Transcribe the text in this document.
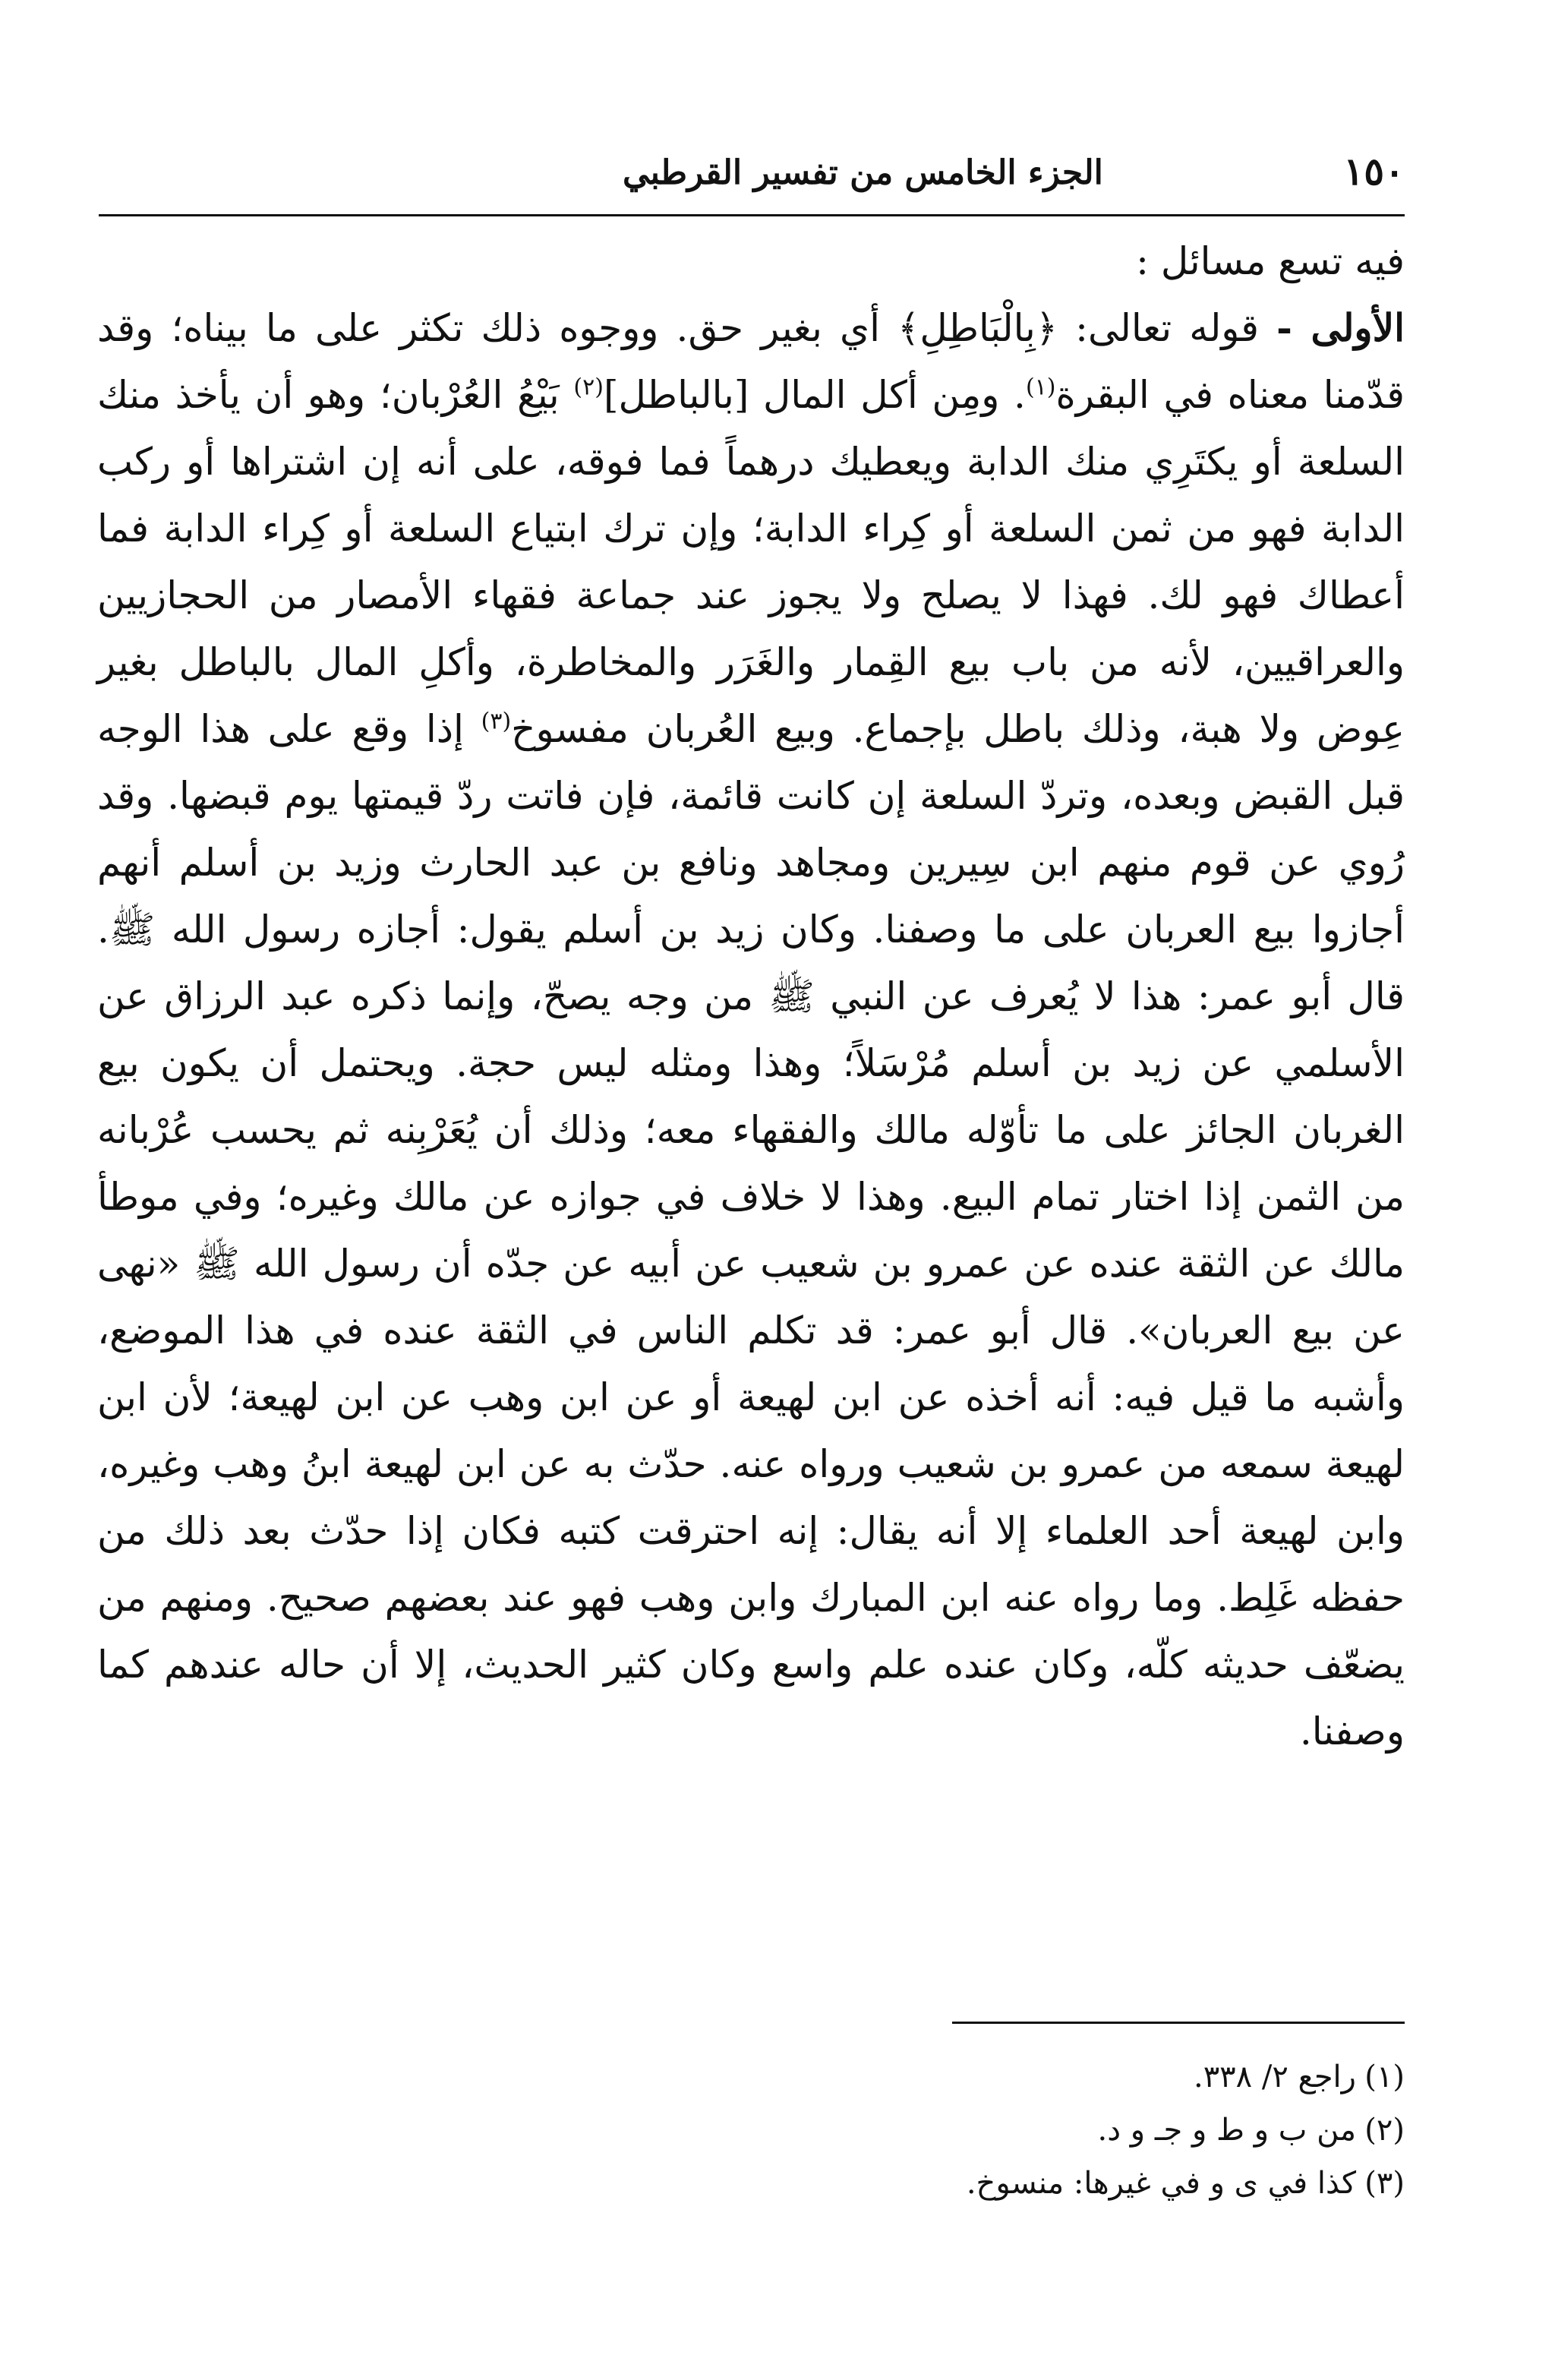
١٥٠
الجزء الخامس من تفسير القرطبي

فيه تسع مسائل :

الأولى - قوله تعالى: ﴿بِالْبَاطِلِ﴾ أي بغير حق. ووجوه ذلك تكثر على ما بيناه؛ وقد قدّمنا معناه في البقرة$^{(١)}$. ومِن أكل المال [بالباطل]$^{(٢)}$ بَيْعُ العُرْبان؛ وهو أن يأخذ منك السلعة أو يكتَرِي منك الدابة ويعطيك درهماً فما فوقه، على أنه إن اشتراها أو ركب الدابة فهو من ثمن السلعة أو كِراء الدابة؛ وإن ترك ابتياع السلعة أو كِراء الدابة فما أعطاك فهو لك. فهذا لا يصلح ولا يجوز عند جماعة فقهاء الأمصار من الحجازيين والعراقيين، لأنه من باب بيع القِمار والغَرَر والمخاطرة، وأكلِ المال بالباطل بغير عِوض ولا هبة، وذلك باطل بإجماع. وبيع العُربان مفسوخ$^{(٣)}$ إذا وقع على هذا الوجه قبل القبض وبعده، وتردّ السلعة إن كانت قائمة، فإن فاتت ردّ قيمتها يوم قبضها. وقد رُوي عن قوم منهم ابن سِيرين ومجاهد ونافع بن عبد الحارث وزيد بن أسلم أنهم أجازوا بيع العربان على ما وصفنا. وكان زيد بن أسلم يقول: أجازه رسول الله ﷺ. قال أبو عمر: هذا لا يُعرف عن النبي ﷺ من وجه يصحّ، وإنما ذكره عبد الرزاق عن الأسلمي عن زيد بن أسلم مُرْسَلاً؛ وهذا ومثله ليس حجة. ويحتمل أن يكون بيع الغربان الجائز على ما تأوّله مالك والفقهاء معه؛ وذلك أن يُعَرْبِنه ثم يحسب عُرْبانه من الثمن إذا اختار تمام البيع. وهذا لا خلاف في جوازه عن مالك وغيره؛ وفي موطأ مالك عن الثقة عنده عن عمرو بن شعيب عن أبيه عن جدّه أن رسول الله ﷺ «نهى عن بيع العربان». قال أبو عمر: قد تكلم الناس في الثقة عنده في هذا الموضع، وأشبه ما قيل فيه: أنه أخذه عن ابن لهيعة أو عن ابن وهب عن ابن لهيعة؛ لأن ابن لهيعة سمعه من عمرو بن شعيب ورواه عنه. حدّث به عن ابن لهيعة ابنُ وهب وغيره، وابن لهيعة أحد العلماء إلا أنه يقال: إنه احترقت كتبه فكان إذا حدّث بعد ذلك من حفظه غَلِط. وما رواه عنه ابن المبارك وابن وهب فهو عند بعضهم صحيح. ومنهم من يضعّف حديثه كلّه، وكان عنده علم واسع وكان كثير الحديث، إلا أن حاله عندهم كما وصفنا.

(١)راجع ٢/ ٣٣٨.
(٢)من ب و ط و جـ و د.
(٣)كذا في ى و في غيرها: منسوخ.
